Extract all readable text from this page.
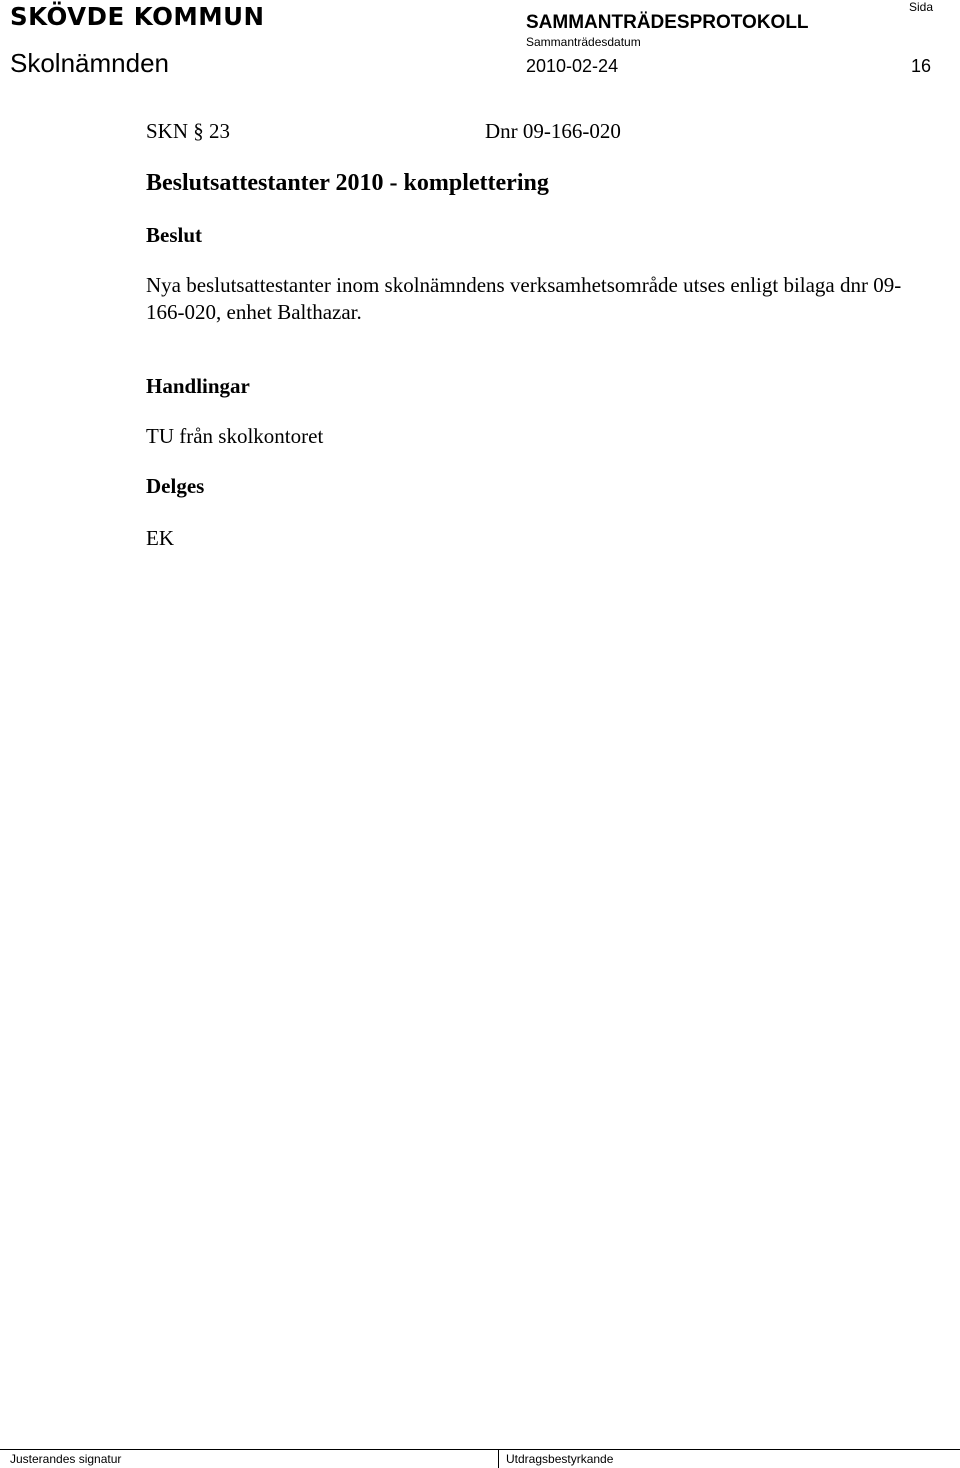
SKÖVDE KOMMUN
Skolnämnden
SAMMANTRÄDESPROTOKOLL
Sammanträdesdatum
2010-02-24
Sida
16
SKN § 23	Dnr 09-166-020
Beslutsattestanter 2010 - komplettering
Beslut
Nya beslutsattestanter inom skolnämndens verksamhetsområde utses enligt bilaga dnr 09-166-020, enhet Balthazar.
Handlingar
TU från skolkontoret
Delges
EK
Justerandes signatur	Utdragsbestyrkande
